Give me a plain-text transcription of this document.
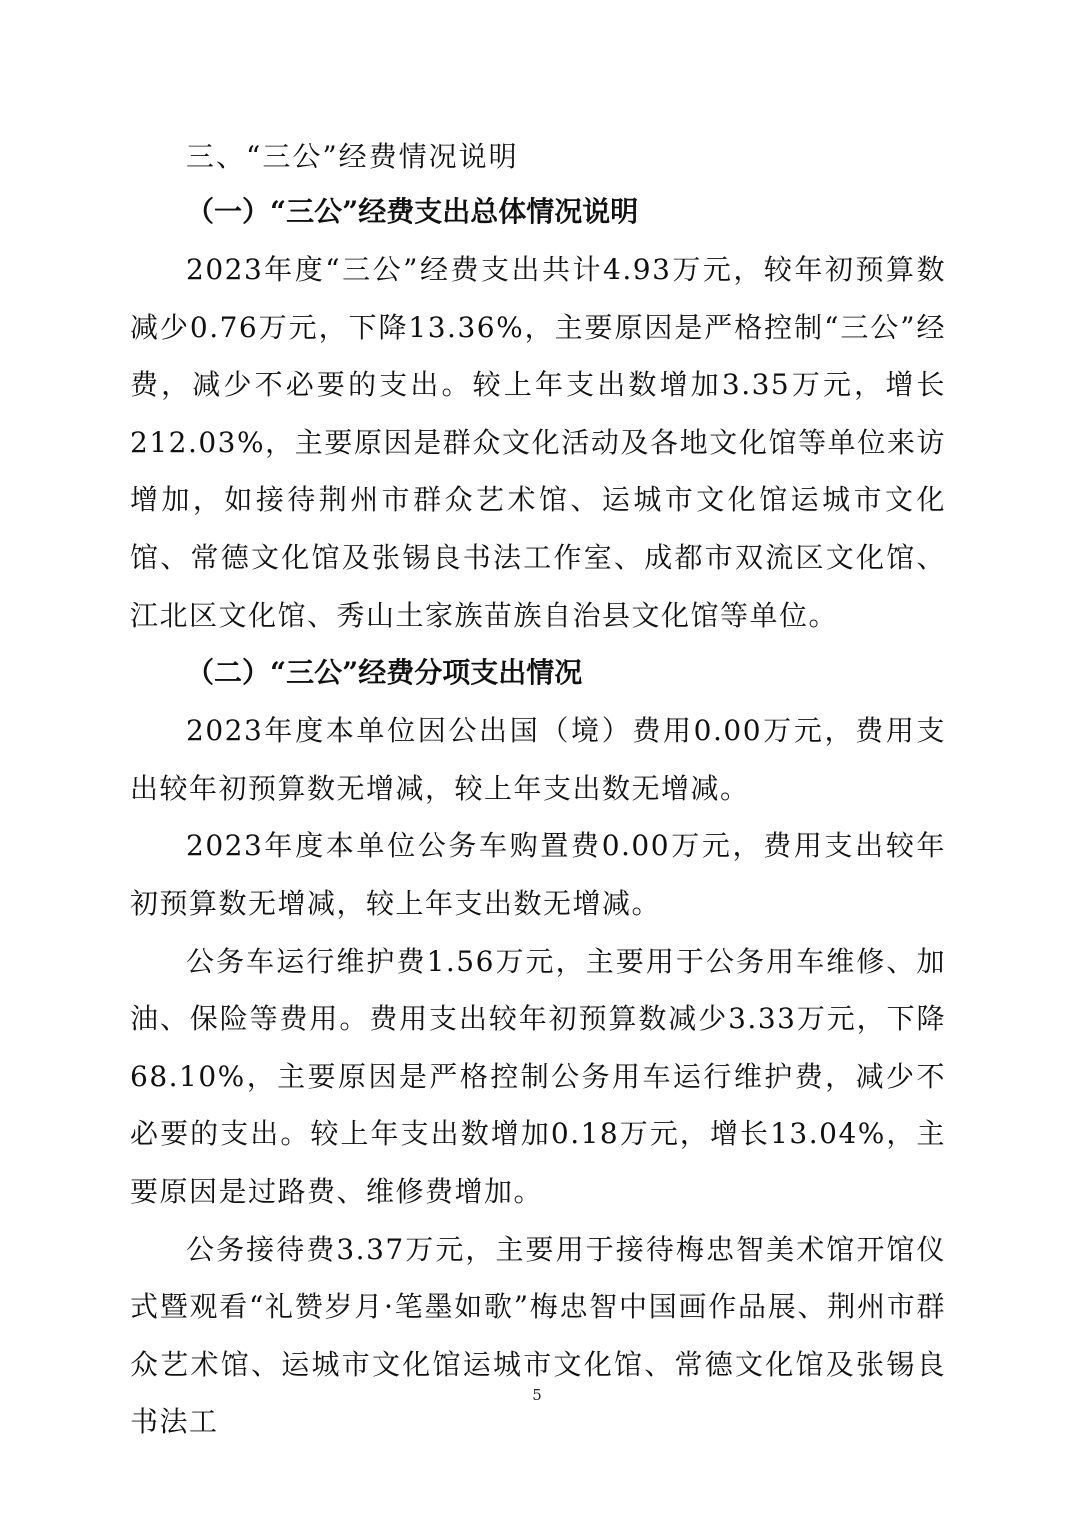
三、“三公”经费情况说明
（一）“三公”经费支出总体情况说明

2023年度“三公”经费支出共计4.93万元，较年初预算数减少0.76万元，下降13.36%，主要原因是严格控制“三公”经费，减少不必要的支出。较上年支出数增加3.35万元，增长212.03%，主要原因是群众文化活动及各地文化馆等单位来访增加，如接待荆州市群众艺术馆、运城市文化馆运城市文化馆、常德文化馆及张锡良书法工作室、成都市双流区文化馆、江北区文化馆、秀山土家族苗族自治县文化馆等单位。

（二）“三公”经费分项支出情况

2023年度本单位因公出国（境）费用0.00万元，费用支出较年初预算数无增减，较上年支出数无增减。

2023年度本单位公务车购置费0.00万元，费用支出较年初预算数无增减，较上年支出数无增减。

公务车运行维护费1.56万元，主要用于公务用车维修、加油、保险等费用。费用支出较年初预算数减少3.33万元，下降68.10%，主要原因是严格控制公务用车运行维护费，减少不必要的支出。较上年支出数增加0.18万元，增长13.04%，主要原因是过路费、维修费增加。

公务接待费3.37万元，主要用于接待梅忠智美术馆开馆仪式暨观看“礼赞岁月·笔墨如歌”梅忠智中国画作品展、荆州市群众艺术馆、运城市文化馆运城市文化馆、常德文化馆及张锡良书法工

5
